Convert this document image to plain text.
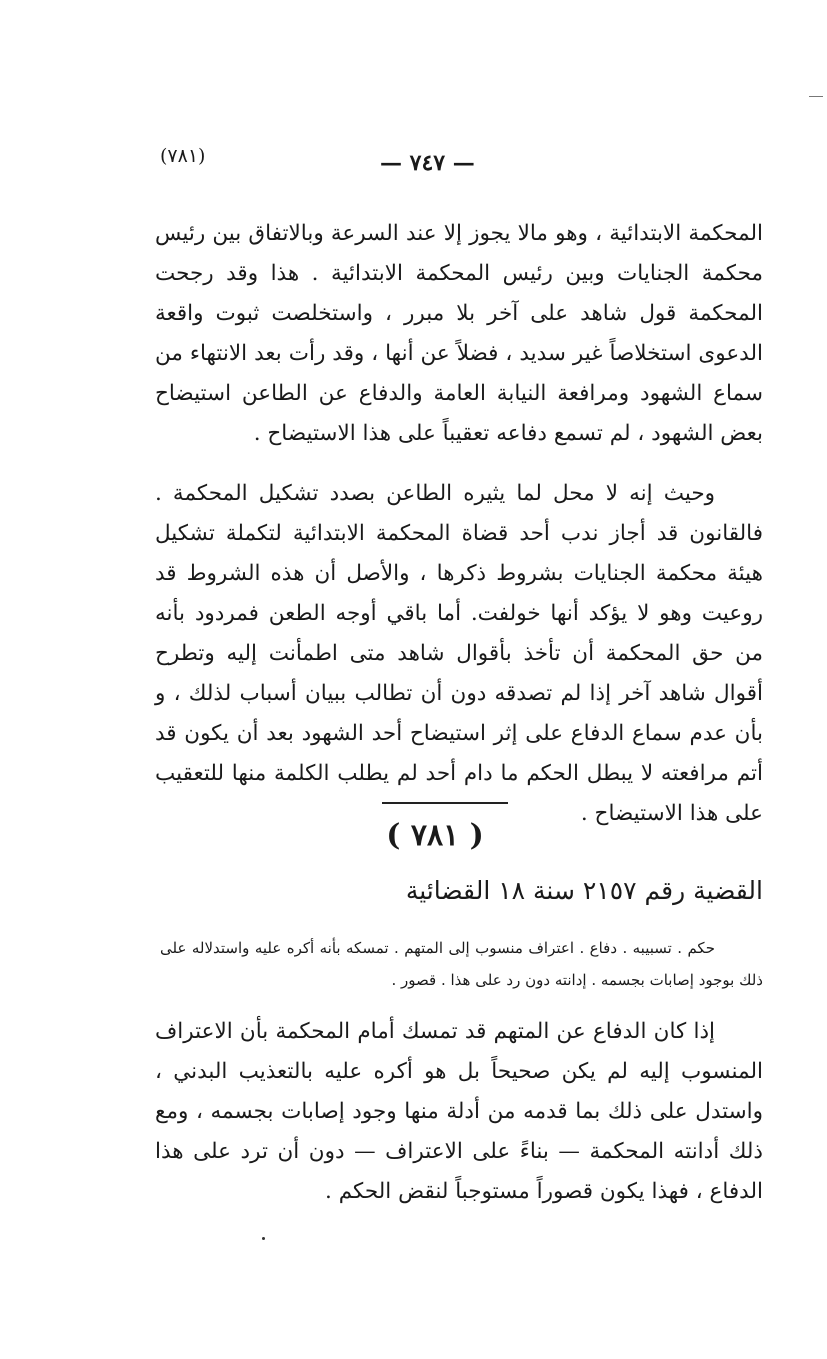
(٧٨١)	— ٧٤٧ —

المحكمة الابتدائية ، وهو مالا يجوز إلا عند السرعة وبالاتفاق بين رئيس محكمة الجنايات وبين رئيس المحكمة الابتدائية . هذا وقد رجحت المحكمة قول شاهد على آخر بلا مبرر ، واستخلصت ثبوت واقعة الدعوى استخلاصاً غير سديد ، فضلاً عن أنها ، وقد رأت بعد الانتهاء من سماع الشهود ومرافعة النيابة العامة والدفاع عن الطاعن استيضاح بعض الشهود ، لم تسمع دفاعه تعقيباً على هذا الاستيضاح .

وحيث إنه لا محل لما يثيره الطاعن بصدد تشكيل المحكمة . فالقانون قد أجاز ندب أحد قضاة المحكمة الابتدائية لتكملة تشكيل هيئة محكمة الجنايات بشروط ذكرها ، والأصل أن هذه الشروط قد روعيت وهو لا يؤكد أنها خولفت. أما باقي أوجه الطعن فمردود بأنه من حق المحكمة أن تأخذ بأقوال شاهد متى اطمأنت إليه وتطرح أقوال شاهد آخر إذا لم تصدقه دون أن تطالب ببيان أسباب لذلك ، و بأن عدم سماع الدفاع على إثر استيضاح أحد الشهود بعد أن يكون قد أتم مرافعته لا يبطل الحكم ما دام أحد لم يطلب الكلمة منها للتعقيب على هذا الاستيضاح .

( ٧٨١ )

القضية رقم ٢١٥٧ سنة ١٨ القضائية

حكم . تسبيبه . دفاع . اعتراف منسوب إلى المتهم . تمسكه بأنه أكره عليه واستدلاله على ذلك بوجود إصابات بجسمه . إدانته دون رد على هذا . قصور .

إذا كان الدفاع عن المتهم قد تمسك أمام المحكمة بأن الاعتراف المنسوب إليه لم يكن صحيحاً بل هو أكره عليه بالتعذيب البدني ، واستدل على ذلك بما قدمه من أدلة منها وجود إصابات بجسمه ، ومع ذلك أدانته المحكمة — بناءً على الاعتراف — دون أن ترد على هذا الدفاع ، فهذا يكون قصوراً مستوجباً لنقض الحكم .
